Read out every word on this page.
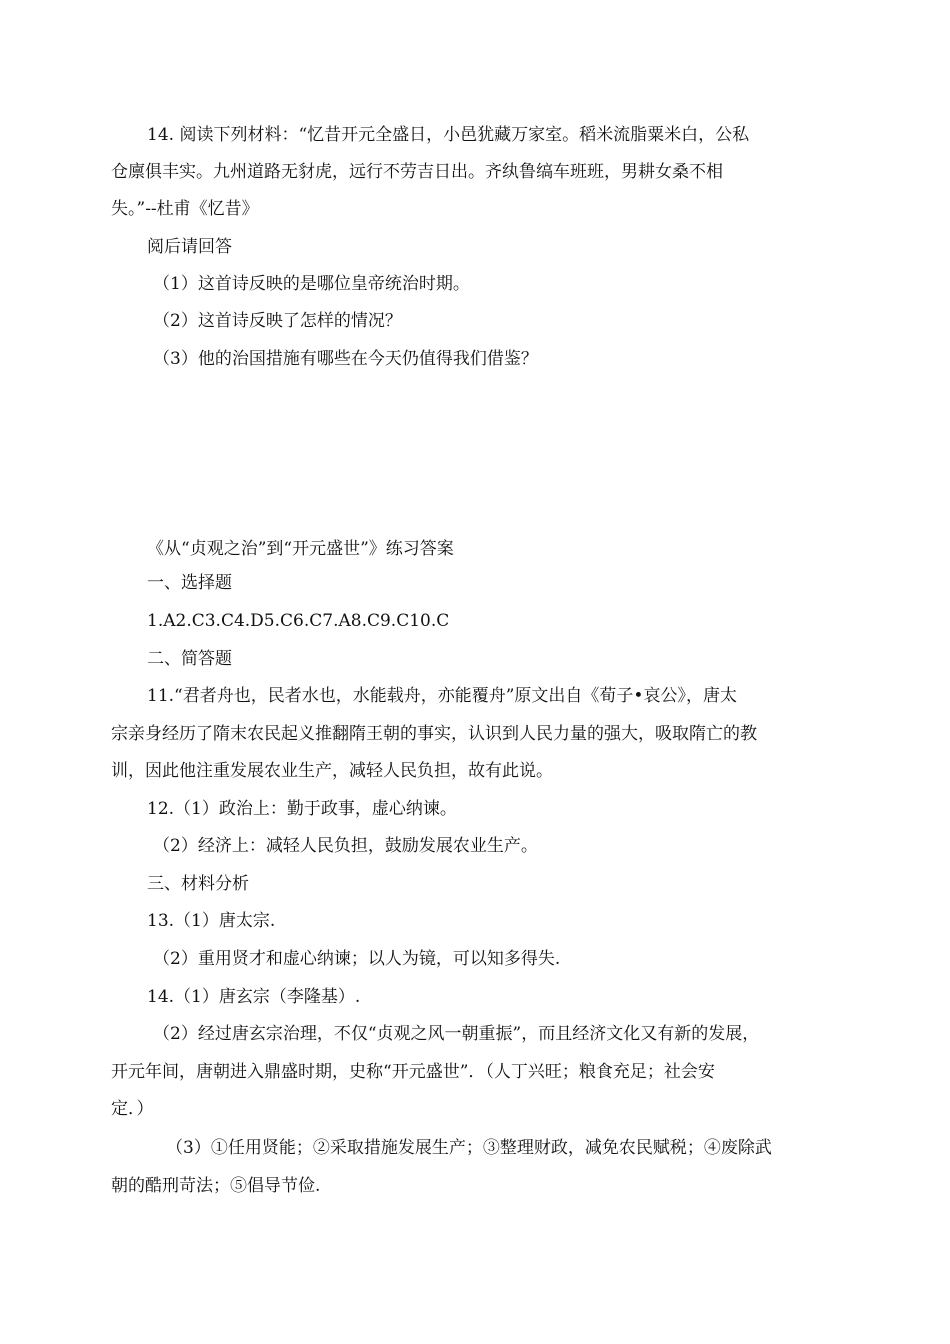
14. 阅读下列材料：“忆昔开元全盛日，小邑犹藏万家室。稻米流脂粟米白，公私
仓廪俱丰实。九州道路无豺虎，远行不劳吉日出。齐纨鲁缟车班班，男耕女桑不相
失。”--杜甫《忆昔》
阅后请回答
（1）这首诗反映的是哪位皇帝统治时期。
（2）这首诗反映了怎样的情况？
（3）他的治国措施有哪些在今天仍值得我们借鉴？
《从“贞观之治”到“开元盛世”》练习答案
一、选择题
1.A2.C3.C4.D5.C6.C7.A8.C9.C10.C
二、简答题
11.“君者舟也，民者水也，水能载舟，亦能覆舟”原文出自《荀子•哀公》，唐太
宗亲身经历了隋末农民起义推翻隋王朝的事实，认识到人民力量的强大，吸取隋亡的教
训，因此他注重发展农业生产，减轻人民负担，故有此说。
12.（1）政治上：勤于政事，虚心纳谏。
（2）经济上：减轻人民负担，鼓励发展农业生产。
三、材料分析
13.（1）唐太宗.
（2）重用贤才和虚心纳谏；以人为镜，可以知多得失.
14.（1）唐玄宗（李隆基）.
（2）经过唐玄宗治理，不仅“贞观之风一朝重振”，而且经济文化又有新的发展，
开元年间，唐朝进入鼎盛时期，史称“开元盛世”．（人丁兴旺；粮食充足；社会安
定．）
（3）①任用贤能；②采取措施发展生产；③整理财政，减免农民赋税；④废除武
朝的酷刑苛法；⑤倡导节俭.
